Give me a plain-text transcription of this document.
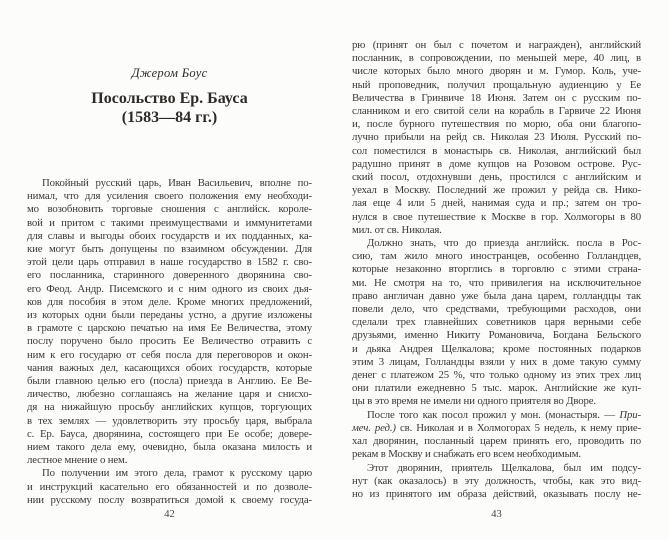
Джером Боус
Посольство Ер. Бауса
(1583—84 гг.)
Покойный русский царь, Иван Васильевич, вполне по-
нимал, что для усиления своего положения ему необходи-
мо возобновить торговые сношения с английск. короле-
вой и притом с такими преимуществами и иммунитетами
для славы и выгоды обоих государств и их подданных, ка-
кие могут быть допущены по взаимном обсуждении. Для
этой цели царь отправил в наше государство в 1582 г. сво-
его посланника, старинного доверенного дворянина сво-
его Феод. Андр. Писемского и с ним одного из своих дья-
ков для пособия в этом деле. Кроме многих предложений,
из которых одни были переданы устно, а другие изложены
в грамоте с царскою печатью на имя Ее Величества, этому
послу поручено было просить Ее Величество отравить с
ним к его государю от себя посла для переговоров и окон-
чания важных дел, касающихся обоих государств, которые
были главною целью его (посла) приезда в Англию. Ее Ве-
личество, любезно соглашаясь на желание царя и снисхо-
дя на нижайшую просьбу английских купцов, торгующих
в тех землях — удовлетворить эту просьбу царя, выбрала
с. Ер. Бауса, дворянина, состоящего при Ее особе; довере-
нием такого дела ему, очевидно, была оказана милость и
лестное мнение о нем.
По получении им этого дела, грамот к русскому царю
и инструкций касательно его обязанностей и по дозволе-
нии русскому послу возвратиться домой к своему госуда-
42
рю (принят он был с почетом и награжден), английский
посланник, в сопровождении, по меньшей мере, 40 лиц, в
числе которых было много дворян и м. Гумор. Коль, уче-
ный проповедник, получил прощальную аудиенцию у Ее
Величества в Гринвиче 18 Июня. Затем он с русским по-
сланником и его свитой сели на корабль в Гарвиче 22 Июня
и, после бурного путешествия по морю, оба они благопо-
лучно прибыли на рейд св. Николая 23 Июля. Русский по-
сол поместился в монастырь св. Николая, английский был
радушно принят в доме купцов на Розовом острове. Рус-
ский посол, отдохнувши день, простился с английским и
уехал в Москву. Последний же прожил у рейда св. Нико-
лая еще 4 или 5 дней, нанимая суда и пр.; затем он тро-
нулся в свое путешествие к Москве в гор. Холмогоры в 80
мил. от св. Николая.
Должно знать, что до приезда английск. посла в Рос-
сию, там жило много иностранцев, особенно Голландцев,
которые незаконно вторглись в торговлю с этими страна-
ми. Не смотря на то, что привилегия на исключительное
право англичан давно уже была дана царем, голландцы так
повели дело, что средствами, требующими расходов, они
сделали трех главнейших советников царя верными себе
друзьями, именно Никиту Романовича, Богдана Бельского
и дьяка Андрея Щелкалова; кроме постоянных подарков
этим 3 лицам, Голландцы взяли у них в доме такую сумму
денег с платежом 25 %, что только одному из этих трех лиц
они платили ежедневно 5 тыс. марок. Английские же куп-
цы в это время не имели ни одного приятеля во Дворе.
После того как посол прожил у мон. (монастыря. — При-
меч. ред.) св. Николая и в Холмогорах 5 недель, к нему прие-
хал дворянин, посланный царем принять его, проводить по
рекам в Москву и снабжать его всем необходимым.
Этот дворянин, приятель Щелкалова, был им подсу-
нут (как оказалось) в эту должность, чтобы, как это вид-
но из принятого им образа действий, оказывать послу не-
43
